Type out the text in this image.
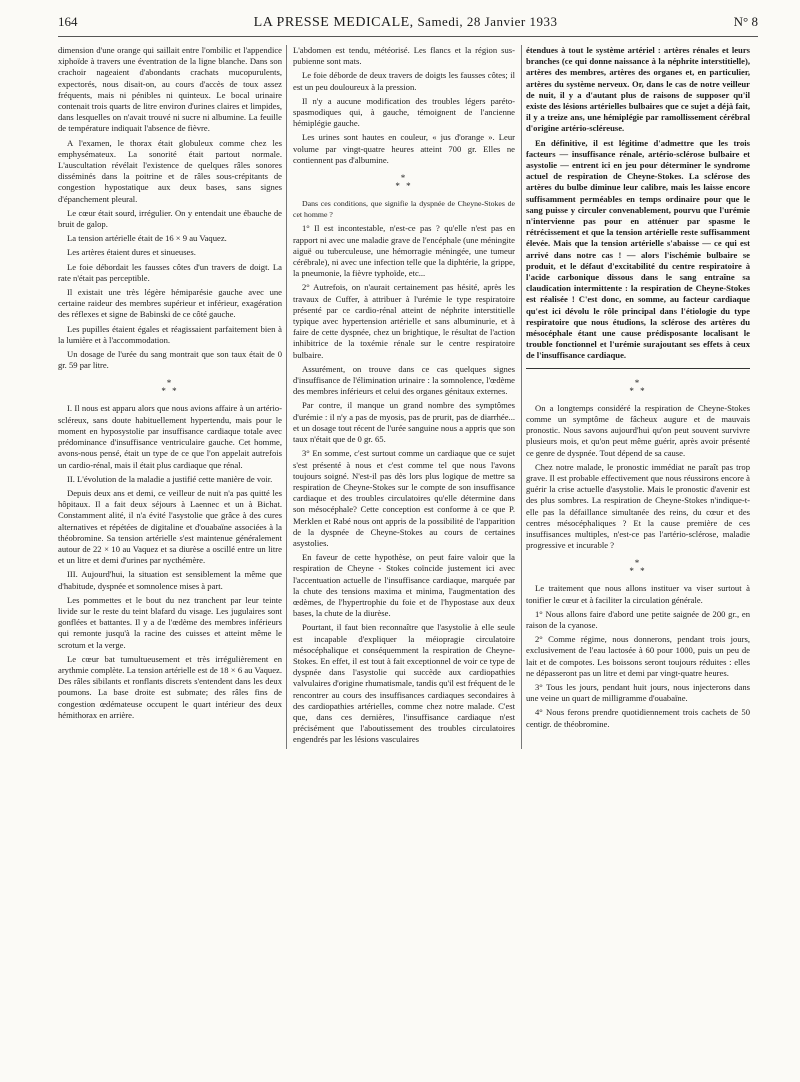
164	LA PRESSE MEDICALE, Samedi, 28 Janvier 1933	N° 8

dimension d'une orange qui saillait entre l'ombilic et l'appendice xiphoïde à travers une éventration de la ligne blanche. Dans son crachoir nageaient d'abondants crachats mucopurulents, expectorés, nous disait-on, au cours d'accès de toux assez fréquents, mais ni pénibles ni quinteux. Le bocal urinaire contenait trois quarts de litre environ d'urines claires et limpides, dans lesquelles on n'avait trouvé ni sucre ni albumine. La feuille de température indiquait l'absence de fièvre.

A l'examen, le thorax était globuleux comme chez les emphysémateux. La sonorité était partout normale. L'auscultation révélait l'existence de quelques râles sonores disséminés dans la poitrine et de râles sous-crépitants de congestion hypostatique aux deux bases, sans signes d'épanchement pleural.

Le cœur était sourd, irrégulier. On y entendait une ébauche de bruit de galop.

La tension artérielle était de 16 × 9 au Vaquez.

Les artères étaient dures et sinueuses.

Le foie débordait les fausses côtes d'un travers de doigt. La rate n'était pas perceptible.

Il existait une très légère hémiparésie gauche avec une certaine raideur des membres supérieur et inférieur, exagération des réflexes et signe de Babinski de ce côté gauche.

Les pupilles étaient égales et réagissaient parfaitement bien à la lumière et à l'accommodation.

Un dosage de l'urée du sang montrait que son taux était de 0 gr. 59 par litre.

*
* *

I. Il nous est apparu alors que nous avions affaire à un artério-scléreux, sans doute habituellement hypertendu, mais pour le moment en hyposystolie par insuffisance cardiaque totale avec prédominance d'insuffisance ventriculaire gauche. Cet homme, avons-nous pensé, était un type de ce que l'on appelait autrefois un cardio-rénal, mais il était plus cardiaque que rénal.

II. L'évolution de la maladie a justifié cette manière de voir.

Depuis deux ans et demi, ce veilleur de nuit n'a pas quitté les hôpitaux. Il a fait deux séjours à Laennec et un à Bichat. Constamment alité, il n'a évité l'asystolie que grâce à des cures alternatives et répétées de digitaline et d'ouabaïne associées à la théobromine. Sa tension artérielle s'est maintenue généralement autour de 22 × 10 au Vaquez et sa diurèse a oscillé entre un litre et un litre et demi d'urines par nycthémère.

III. Aujourd'hui, la situation est sensiblement la même que d'habitude, dyspnée et somnolence mises à part.

Les pommettes et le bout du nez tranchent par leur teinte livide sur le reste du teint blafard du visage. Les jugulaires sont gonflées et battantes. Il y a de l'œdème des membres inférieurs qui remonte jusqu'à la racine des cuisses et atteint même le scrotum et la verge.

Le cœur bat tumultueusement et très irrégulièrement en arythmie complète. La tension artérielle est de 18 × 6 au Vaquez. Des râles sibilants et ronflants discrets s'entendent dans les deux poumons. La base droite est submate; des râles fins de congestion œdémateuse occupent le quart intérieur des deux hémithorax en arrière.

L'abdomen est tendu, météorisé. Les flancs et la région sus-pubienne sont mats.

Le foie déborde de deux travers de doigts les fausses côtes; il est un peu douloureux à la pression.

Il n'y a aucune modification des troubles légers parétо-spasmodiques qui, à gauche, témoignent de l'ancienne hémiplégie gauche.

Les urines sont hautes en couleur, « jus d'orange ». Leur volume par vingt-quatre heures atteint 700 gr. Elles ne contiennent pas d'albumine.

*
* *

Dans ces conditions, que signifie la dyspnée de Cheyne-Stokes de cet homme ?

1° Il est incontestable, n'est-ce pas ? qu'elle n'est pas en rapport ni avec une maladie grave de l'encéphale (une méningite aiguë ou tuberculeuse, une hémorragie méningée, une tumeur cérébrale), ni avec une infection telle que la diphtérie, la grippe, la pneumonie, la fièvre typhoïde, etc...

2° Autrefois, on n'aurait certainement pas hésité, après les travaux de Cuffer, à attribuer à l'urémie le type respiratoire présenté par ce cardio-rénal atteint de néphrite interstitielle typique avec hypertension artérielle et sans albuminurie, et à faire de cette dyspnée, chez un brightique, le résultat de l'action inhibitrice de la toxémie rénale sur le centre respiratoire bulbaire.

Assurément, on trouve dans ce cas quelques signes d'insuffisance de l'élimination urinaire : la somnolence, l'œdème des membres inférieurs et celui des organes génitaux externes.

Par contre, il manque un grand nombre des symptômes d'urémie : il n'y a pas de myosis, pas de prurit, pas de diarrhée... et un dosage tout récent de l'urée sanguine nous a appris que son taux n'était que de 0 gr. 65.

3° En somme, c'est surtout comme un cardiaque que ce sujet s'est présenté à nous et c'est comme tel que nous l'avons toujours soigné. N'est-il pas dès lors plus logique de mettre sa respiration de Cheyne-Stokes sur le compte de son insuffisance cardiaque et des troubles circulatoires qu'elle détermine dans son mésocéphale? Cette conception est conforme à ce que P. Merklen et Rabé nous ont appris de la possibilité de l'apparition de la dyspnée de Cheyne-Stokes au cours de certaines asystolies.

En faveur de cette hypothèse, on peut faire valoir que la respiration de Cheyne - Stokes coïncide justement ici avec l'accentuation actuelle de l'insuffisance cardiaque, marquée par la chute des tensions maxima et minima, l'augmentation des œdèmes, de l'hypertrophie du foie et de l'hypostase aux deux bases, la chute de la diurèse.

Pourtant, il faut bien reconnaître que l'asystolie à elle seule est incapable d'expliquer la méiopragie circulatoire mésocéphalique et conséquemment la respiration de Cheyne-Stokes. En effet, il est tout à fait exceptionnel de voir ce type de dyspnée dans l'asystolie qui succède aux cardiopathies valvulaires d'origine rhumatismale, tandis qu'il est fréquent de le rencontrer au cours des insuffisances cardiaques secondaires à des cardiopathies artérielles, comme chez notre malade. C'est que, dans ces dernières, l'insuffisance cardiaque n'est précisément que l'aboutissement des troubles circulatoires engendrés par les lésions vasculaires

étendues à tout le système artériel : artères rénales et leurs branches (ce qui donne naissance à la néphrite interstitielle), artères des membres, artères des organes et, en particulier, artères du système nerveux. Or, dans le cas de notre veilleur de nuit, il y a d'autant plus de raisons de supposer qu'il existe des lésions artérielles bulbaires que ce sujet a déjà fait, il y a treize ans, une hémiplégie par ramollissement cérébral d'origine artério-scléreuse.

En définitive, il est légitime d'admettre que les trois facteurs — insuffisance rénale, artério-sclérose bulbaire et asystolie — entrent ici en jeu pour déterminer le syndrome actuel de respiration de Cheyne-Stokes. La sclérose des artères du bulbe diminue leur calibre, mais les laisse encore suffisamment perméables en temps ordinaire pour que le sang puisse y circuler convenablement, pourvu que l'urémie n'intervienne pas pour en atténuer par spasme le rétrécissement et que la tension artérielle reste suffisamment élevée. Mais que la tension artérielle s'abaisse — ce qui est arrivé dans notre cas ! — alors l'ischémie bulbaire se produit, et le défaut d'excitabilité du centre respiratoire à l'acide carbonique dissous dans le sang entraîne sa claudication intermittente : la respiration de Cheyne-Stokes est réalisée ! C'est donc, en somme, au facteur cardiaque qu'est ici dévolu le rôle principal dans l'étiologie du type respiratoire que nous étudions, la sclérose des artères du mésocéphale étant une cause prédisposante localisant le trouble fonctionnel et l'urémie surajoutant ses effets à ceux de l'insuffisance cardiaque.

*
* *

On a longtemps considéré la respiration de Cheyne-Stokes comme un symptôme de fâcheux augure et de mauvais pronostic. Nous savons aujourd'hui qu'on peut souvent survivre plusieurs mois, et qu'on peut même guérir, après avoir présenté ce genre de dyspnée. Tout dépend de sa cause.

Chez notre malade, le pronostic immédiat ne paraît pas trop grave. Il est probable effectivement que nous réussirons encore à guérir la crise actuelle d'asystolie. Mais le pronostic d'avenir est des plus sombres. La respiration de Cheyne-Stokes n'indique-t-elle pas la défaillance simultanée des reins, du cœur et des centres mésocéphaliques ? Et la cause première de ces insuffisances multiples, n'est-ce pas l'artério-sclérose, maladie progressive et incurable ?

*
* *

Le traitement que nous allons instituer va viser surtout à tonifier le cœur et à faciliter la circulation générale.

1° Nous allons faire d'abord une petite saignée de 200 gr., en raison de la cyanose.

2° Comme régime, nous donnerons, pendant trois jours, exclusivement de l'eau lactosée à 60 pour 1000, puis un peu de lait et de compotes. Les boissons seront toujours réduites : elles ne dépasseront pas un litre et demi par vingt-quatre heures.

3° Tous les jours, pendant huit jours, nous injecterons dans une veine un quart de milligramme d'ouabaïne.

4° Nous ferons prendre quotidiennement trois cachets de 50 centigr. de théobromine.
